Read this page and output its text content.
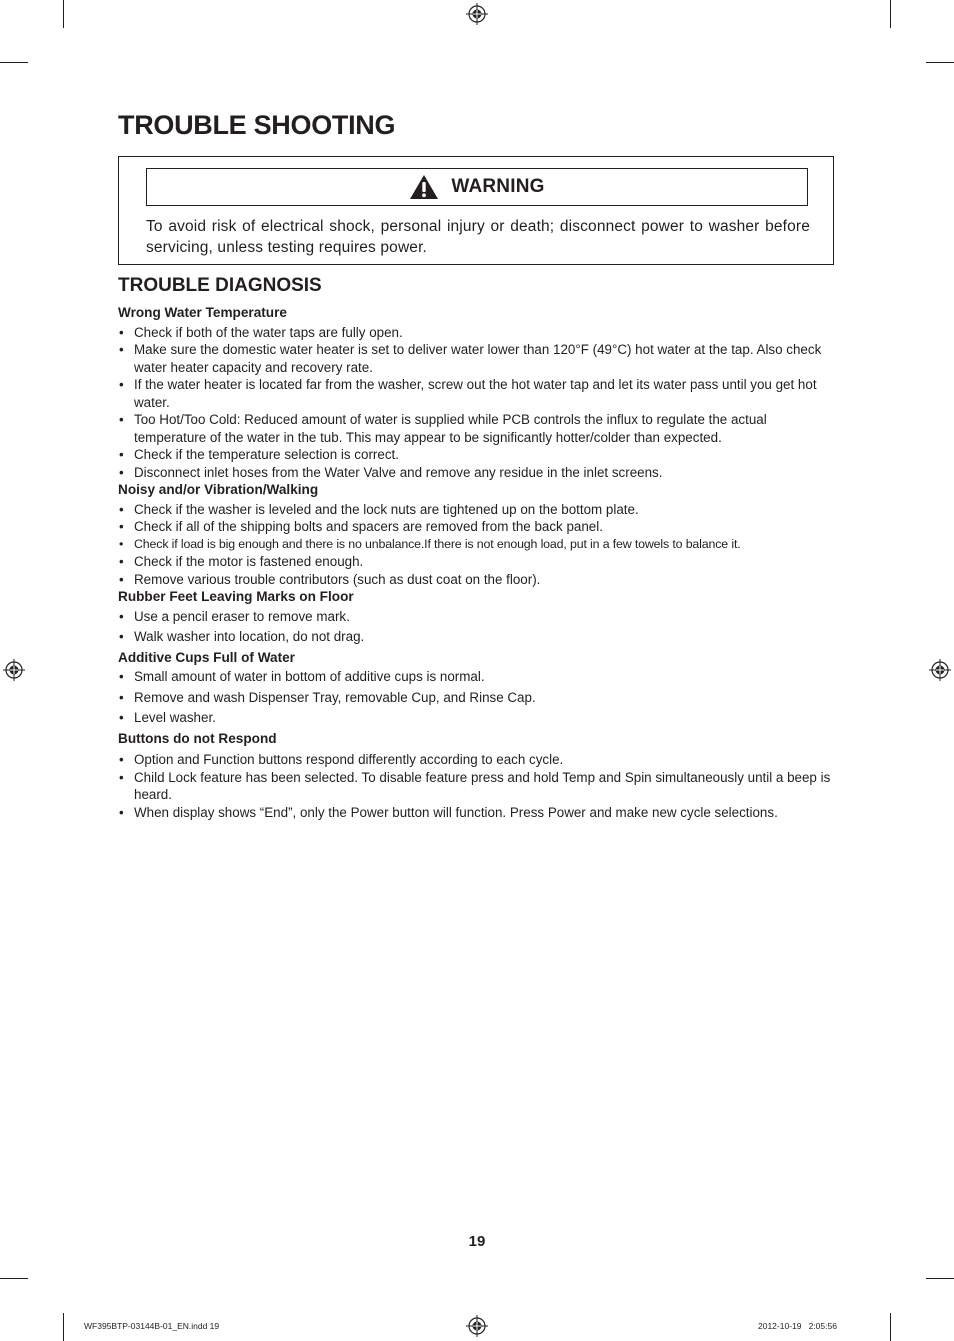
TROUBLE SHOOTING
WARNING
To avoid risk of electrical shock, personal injury or death; disconnect power to washer before servicing, unless testing requires power.
TROUBLE DIAGNOSIS

Wrong Water Temperature

• Check if both of the water taps are fully open.
• Make sure the domestic water heater is set to deliver water lower than 120°F (49°C) hot water at the tap. Also check water heater capacity and recovery rate.
• If the water heater is located far from the washer, screw out the hot water tap and let its water pass until you get hot water.
• Too Hot/Too Cold: Reduced amount of water is supplied while PCB controls the influx to regulate the actual temperature of the water in the tub. This may appear to be significantly hotter/colder than expected.
• Check if the temperature selection is correct.
• Disconnect inlet hoses from the Water Valve and remove any residue in the inlet screens.

Noisy and/or Vibration/Walking

• Check if the washer is leveled and the lock nuts are tightened up on the bottom plate.
• Check if all of the shipping bolts and spacers are removed from the back panel.
• Check if load is big enough and there is no unbalance.If there is not enough load, put in a few towels to balance it.
• Check if the motor is fastened enough.
• Remove various trouble contributors (such as dust coat on the floor).

Rubber Feet Leaving Marks on Floor

• Use a pencil eraser to remove mark.
• Walk washer into location, do not drag.

Additive Cups Full of Water

• Small amount of water in bottom of additive cups is normal.
• Remove and wash Dispenser Tray, removable Cup, and Rinse Cap.
• Level washer.

Buttons do not Respond

• Option and Function buttons respond differently according to each cycle.
• Child Lock feature has been selected. To disable feature press and hold Temp and Spin simultaneously until a beep is heard.
• When display shows “End”, only the Power button will function. Press Power and make new cycle selections.
19
WF395BTP-03144B-01_EN.indd 19	2012-10-19   2:05:56
